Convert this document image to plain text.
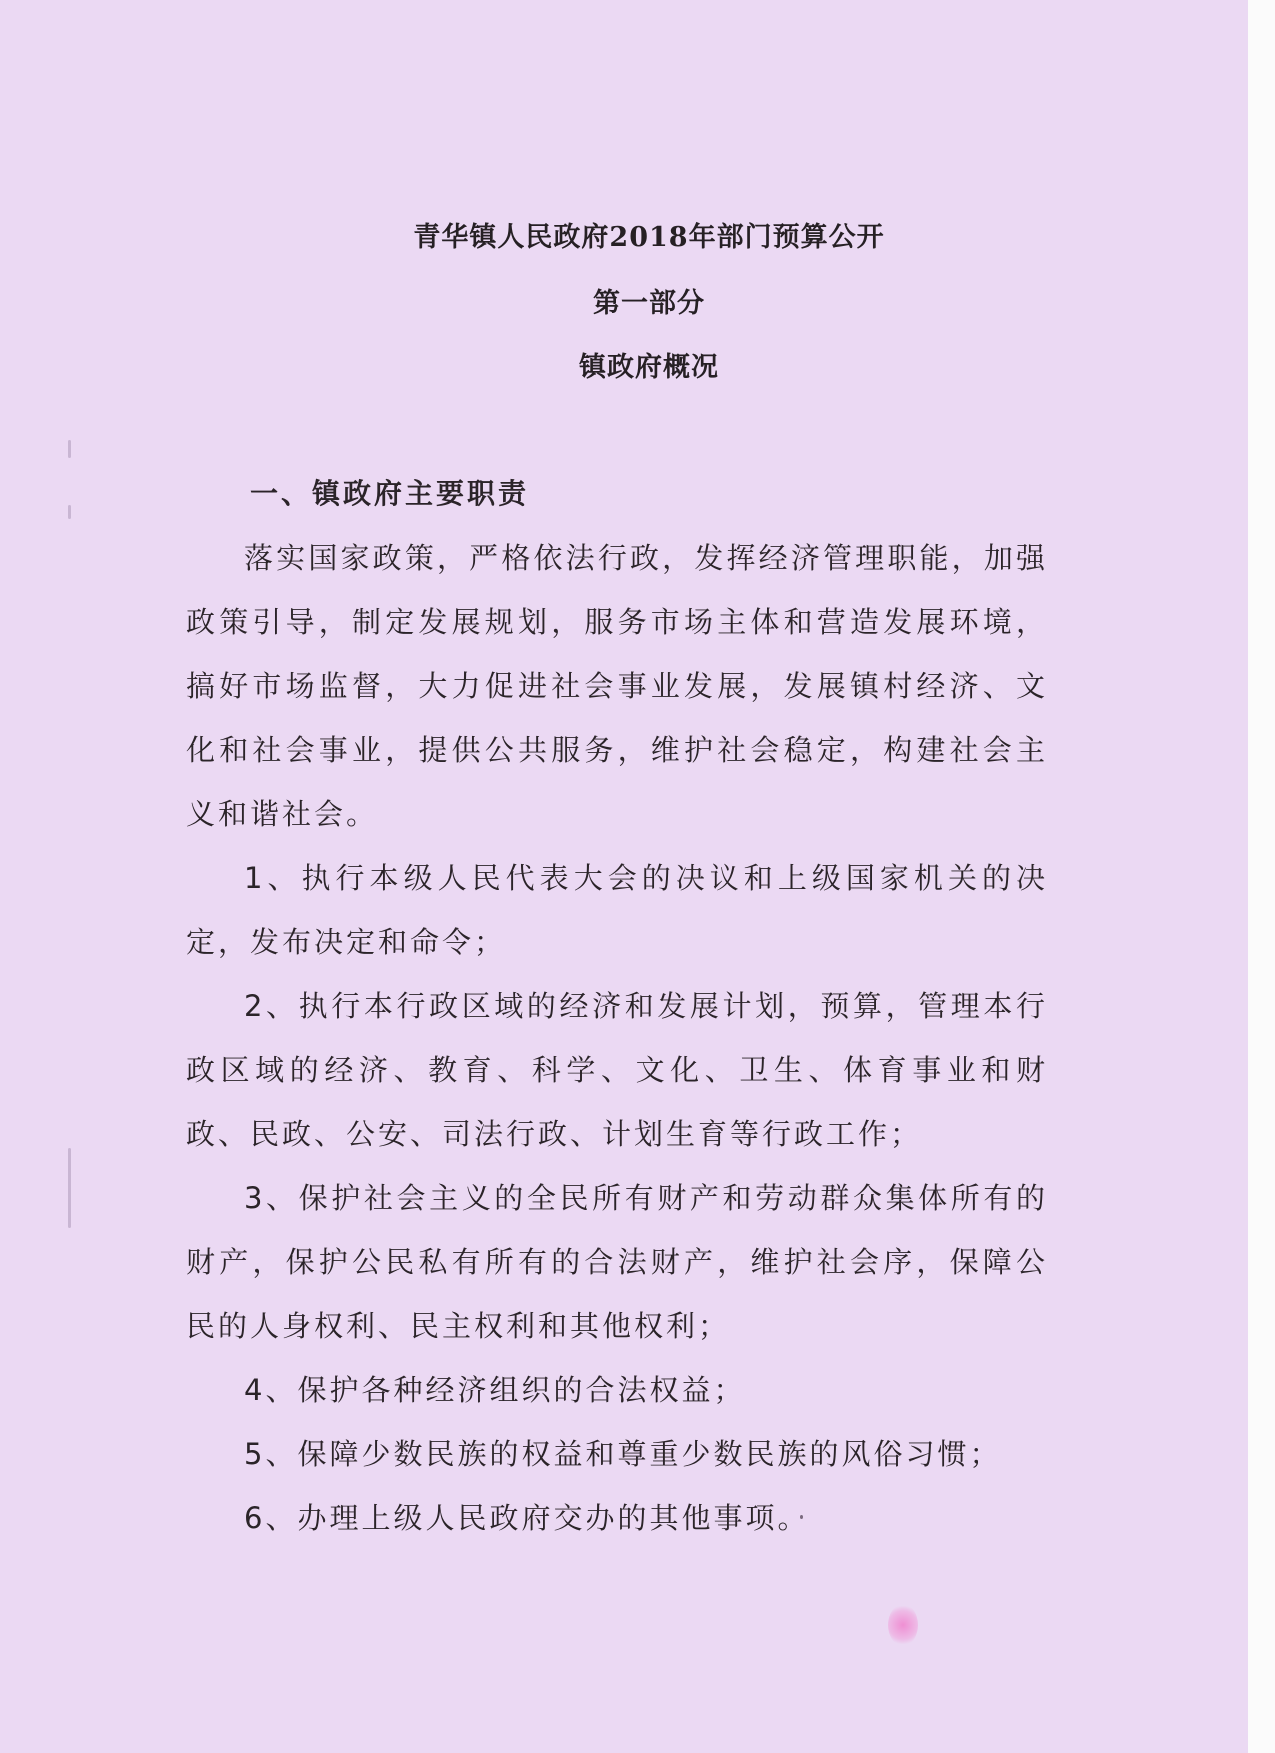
青华镇人民政府2018年部门预算公开
第一部分
镇政府概况
一、镇政府主要职责

落实国家政策，严格依法行政，发挥经济管理职能，加强政策引导，制定发展规划，服务市场主体和营造发展环境，搞好市场监督，大力促进社会事业发展，发展镇村经济、文化和社会事业，提供公共服务，维护社会稳定，构建社会主义和谐社会。

1、执行本级人民代表大会的决议和上级国家机关的决定，发布决定和命令；

2、执行本行政区域的经济和发展计划，预算，管理本行政区域的经济、教育、科学、文化、卫生、体育事业和财政、民政、公安、司法行政、计划生育等行政工作；

3、保护社会主义的全民所有财产和劳动群众集体所有的财产，保护公民私有所有的合法财产，维护社会序，保障公民的人身权利、民主权利和其他权利；

4、保护各种经济组织的合法权益；

5、保障少数民族的权益和尊重少数民族的风俗习惯；

6、办理上级人民政府交办的其他事项。
